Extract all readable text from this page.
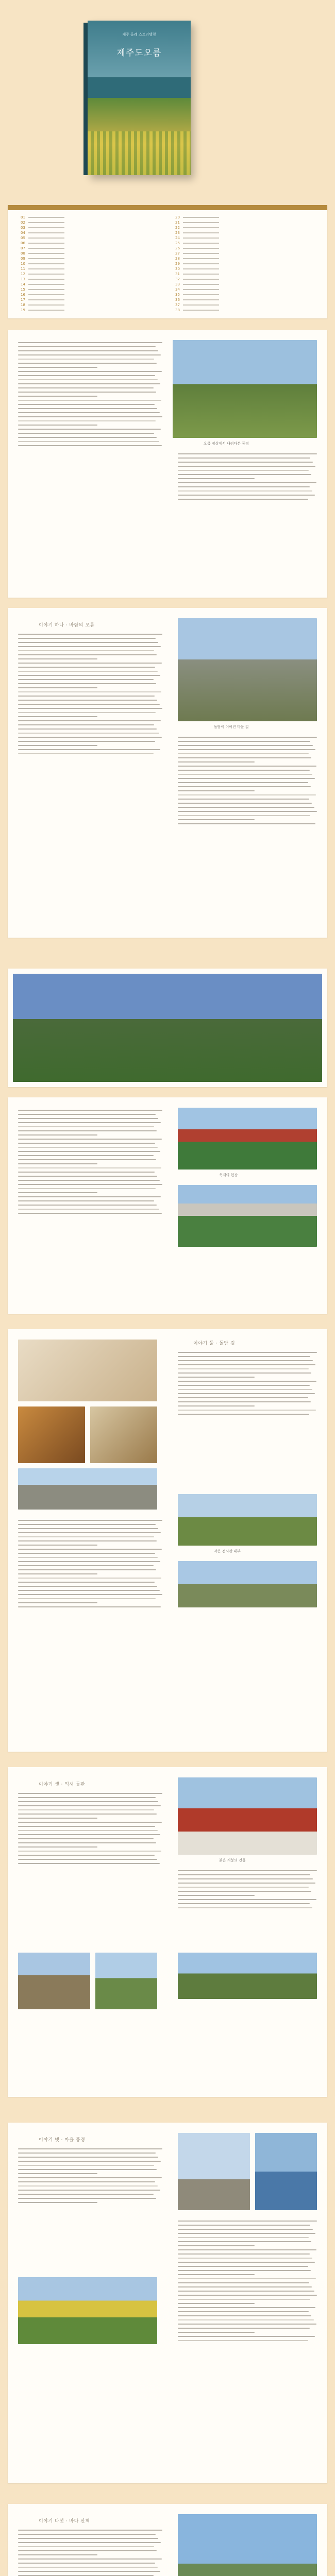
제주 올레 스토리텔링
제주도오름
01
02
03
04
05
06
07
08
09
10
11
12
13
14
15
16
17
18
19
20
21
22
23
24
25
26
27
28
29
30
31
32
33
34
35
36
37
38
오름 정상에서 내려다본 풍경
이야기 하나 · 바람의 오름
돌담이 이어진 마을 길
축제의 현장
이야기 둘 · 돌담 길
작은 전시관 내부
이야기 셋 · 억새 들판
붉은 지붕의 건물
이야기 넷 · 마을 풍경
이야기 다섯 · 바다 산책
